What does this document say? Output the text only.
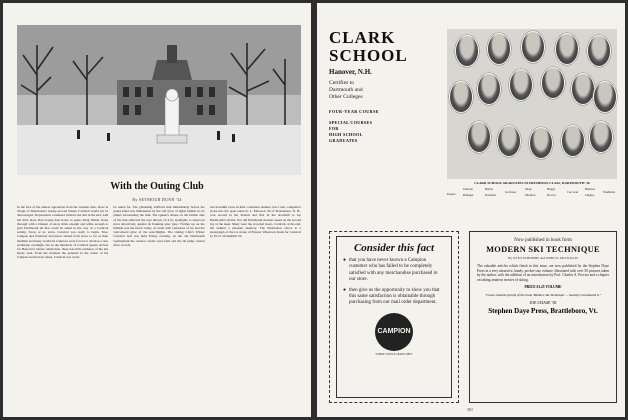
With the Outing Club
By SEYMOUR DUNN '34

In the face of the utmost opposition from the weather man, those in charge of Dartmouth's twenty-second Winter Carnival would not be discouraged. Preparations continued without rest and in the end, with but little more than twenty-four hours to spare, King Winter broke through with a blanket of snow thick enough and white enough to give Dartmouth all that could be asked in the way of a Carnival setting. Snow or no snow, Carnival was ready to begin. True, Campus and fraternity decorators turned from snow to ice as their medium and many would-be sculptors were forced to develop a new technique overnight, but as the hundreds of Carnival guests arrived for Hanover's winter celebration, there was little evidence of the last hectic rush. From the moment the pedestal in the center of the Campus received its statue, Carnival was ready.

be asked for. The glistening artificial rink immediately before the grand stand was illuminated by the soft glow of lights hidden in ice pillars surrounding the rink. The Queen's throne on the further side of the rink reflected the rays thrown on it by spotlights to stand out most attractively against its flanking pine 'gate.' Further up on the hillside was the mock valley of castle with variations of ice and the varicolored glow of the searchlights. The Outing Club's Winter Carnival ball was held Friday evening. At the old Dartmouth Gymnasium the outdoor events were held and the ski jump contest drew crowds.

and downhill races in their consistent manner, but a new competitor broke into the open when R. L. Emerson '34 of Manchester, N. H., took second in the Slalom and first in the downhill to top Dartmouth's ski list. Nor did Dartmouth slackers speed on the second day of the meet. Many were the crowded hours. Carnival, at the end, left behind a pleasant memory. The illustration above is a photograph of the ice statue of Eleazar Wheelock made for Carnival by M. O. Woldsmith '35.

CLARK
SCHOOL
Hanover, N.H.
Certifies to
Dartmouth and
Other Colleges
FOUR-YEAR COURSE
SPECIAL COURSES
FOR
HIGH SCHOOL
GRADUATES
CLARK SCHOOL GRADUATES IN FRESHMAN CLASS, DARTMOUTH '36
Rogers
Johnson
Bolinger
Herbst
Donahue
Jacobson
Sleep
Moulton
Briggs
Proctor
Corcoran
Harmon
Lingley
Washburn
Consider this fact
● that you have never known a Campion customer who has failed to be completely satisfied with any merchandise purchased in our store.
● then give us the opportunity to show you that this same satisfaction is obtainable through purchasing from our mail order department.
CAMPION
WHERE TOWN & TRADE MEET
Now published in book form
MODERN SKI TECHNIQUE
By OTTO SCHNIEBS and JOHN W. MCCRILLIS
The valuable articles which finish in this issue, are now published by the Stephen Daye Press in a very attractive, handy, pocket-size volume, illustrated with over 50 pictures taken by the author, with the addition of an introduction by Prof. Charles A. Proctor and a chapter on taking amateur movies of skiing.
PRICE $1.25 VOLUME
"I have read the proofs of the book 'Modern Ski Technique' ... heartily recommend it."
JOE CHASE '38
Stephen Daye Press, Brattleboro, Vt.
301
